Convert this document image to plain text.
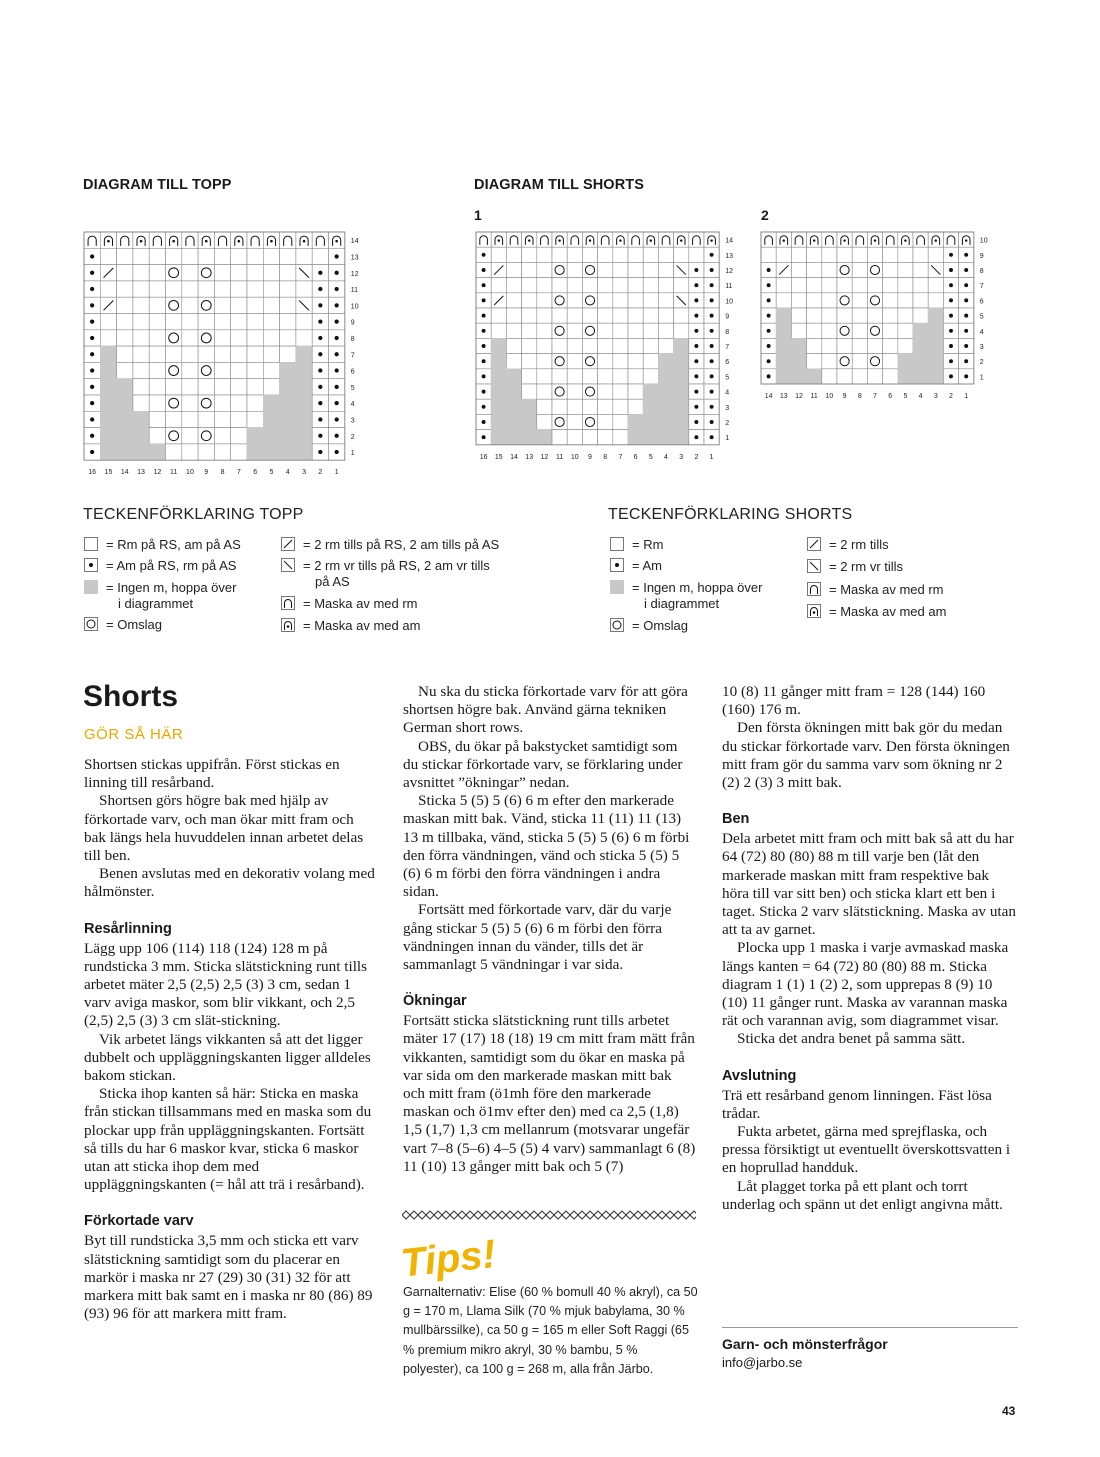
DIAGRAM TILL TOPP	DIAGRAM TILL SHORTS
1	2
14
13
12
11
10
9
8
7
6
5
4
3
2
1
16 15 14 13 12 11 10 9 8 7 6 5 4 3 2 1
14
13
12
11
10
9
8
7
6
5
4
3
2
1
16 15 14 13 12 11 10 9 8 7 6 5 4 3 2 1
10
9
8
7
6
5
4
3
2
1
14 13 12 11 10 9 8 7 6 5 4 3 2 1
TECKENFÖRKLARING TOPP
= Rm på RS, am på AS
= Am på RS, rm på AS
= Ingen m, hoppa över
i diagrammet
= Omslag
= 2 rm tills på RS, 2 am tills på AS
= 2 rm vr tills på RS, 2 am vr tills
på AS
= Maska av med rm
= Maska av med am
TECKENFÖRKLARING SHORTS
= Rm
= Am
= Ingen m, hoppa över
i diagrammet
= Omslag
= 2 rm tills
= 2 rm vr tills
= Maska av med rm
= Maska av med am
Shorts
GÖR SÅ HÄR

Shortsen stickas uppifrån. Först stickas en linning till resårband.

Shortsen görs högre bak med hjälp av förkortade varv, och man ökar mitt fram och bak längs hela huvuddelen innan arbetet delas till ben.

Benen avslutas med en dekorativ volang med hålmönster.

Resårlinning

Lägg upp 106 (114) 118 (124) 128 m på rundsticka 3 mm. Sticka slätstickning runt tills arbetet mäter 2,5 (2,5) 2,5 (3) 3 cm, sedan 1 varv aviga maskor, som blir vikkant, och 2,5 (2,5) 2,5 (3) 3 cm slät-stickning.

Vik arbetet längs vikkanten så att det ligger dubbelt och uppläggningskanten ligger alldeles bakom stickan.

Sticka ihop kanten så här: Sticka en maska från stickan tillsammans med en maska som du plockar upp från uppläggningskanten. Fortsätt så tills du har 6 maskor kvar, sticka 6 maskor utan att sticka ihop dem med uppläggningskanten (= hål att trä i resårband).

Förkortade varv

Byt till rundsticka 3,5 mm och sticka ett varv slätstickning samtidigt som du placerar en markör i maska nr 27 (29) 30 (31) 32 för att markera mitt bak samt en i maska nr 80 (86) 89 (93) 96 för att markera mitt fram.

Nu ska du sticka förkortade varv för att göra shortsen högre bak. Använd gärna tekniken German short rows.

OBS, du ökar på bakstycket samtidigt som du stickar förkortade varv, se förklaring under avsnittet ”ökningar” nedan.

Sticka 5 (5) 5 (6) 6 m efter den markerade maskan mitt bak. Vänd, sticka 11 (11) 11 (13) 13 m tillbaka, vänd, sticka 5 (5) 5 (6) 6 m förbi den förra vändningen, vänd och sticka 5 (5) 5 (6) 6 m förbi den förra vändningen i andra sidan.

Fortsätt med förkortade varv, där du varje gång stickar 5 (5) 5 (6) 6 m förbi den förra vändningen innan du vänder, tills det är sammanlagt 5 vändningar i var sida.

Ökningar

Fortsätt sticka slätstickning runt tills arbetet mäter 17 (17) 18 (18) 19 cm mitt fram mätt från vikkanten, samtidigt som du ökar en maska på var sida om den markerade maskan mitt bak och mitt fram (ö1mh före den markerade maskan och ö1mv efter den) med ca 2,5 (1,8) 1,5 (1,7) 1,3 cm mellanrum (motsvarar ungefär vart 7–8 (5–6) 4–5 (5) 4 varv) sammanlagt 6 (8) 11 (10) 13 gånger mitt bak och 5 (7)

10 (8) 11 gånger mitt fram = 128 (144) 160 (160) 176 m.

Den första ökningen mitt bak gör du medan du stickar förkortade varv. Den första ökningen mitt fram gör du samma varv som ökning nr 2 (2) 2 (3) 3 mitt bak.

Ben

Dela arbetet mitt fram och mitt bak så att du har 64 (72) 80 (80) 88 m till varje ben (låt den markerade maskan mitt fram respektive bak höra till var sitt ben) och sticka klart ett ben i taget. Sticka 2 varv slätstickning. Maska av utan att ta av garnet.

Plocka upp 1 maska i varje avmaskad maska längs kanten = 64 (72) 80 (80) 88 m. Sticka diagram 1 (1) 1 (2) 2, som upprepas 8 (9) 10 (10) 11 gånger runt. Maska av varannan maska rät och varannan avig, som diagrammet visar.

Sticka det andra benet på samma sätt.

Avslutning

Trä ett resårband genom linningen. Fäst lösa trådar.

Fukta arbetet, gärna med sprejflaska, och pressa försiktigt ut eventuellt överskottsvatten i en hoprullad handduk.

Låt plagget torka på ett plant och torrt underlag och spänn ut det enligt angivna mått.

Tips!
Garnalternativ: Elise (60 % bomull 40 % akryl), ca 50 g = 170 m, Llama Silk (70 % mjuk babylama, 30 % mullbärssilke), ca 50 g = 165 m eller Soft Raggi (65 % premium mikro akryl, 30 % bambu, 5 % polyester), ca 100 g = 268 m, alla från Järbo.
Garn- och mönsterfrågor
info@jarbo.se
43
